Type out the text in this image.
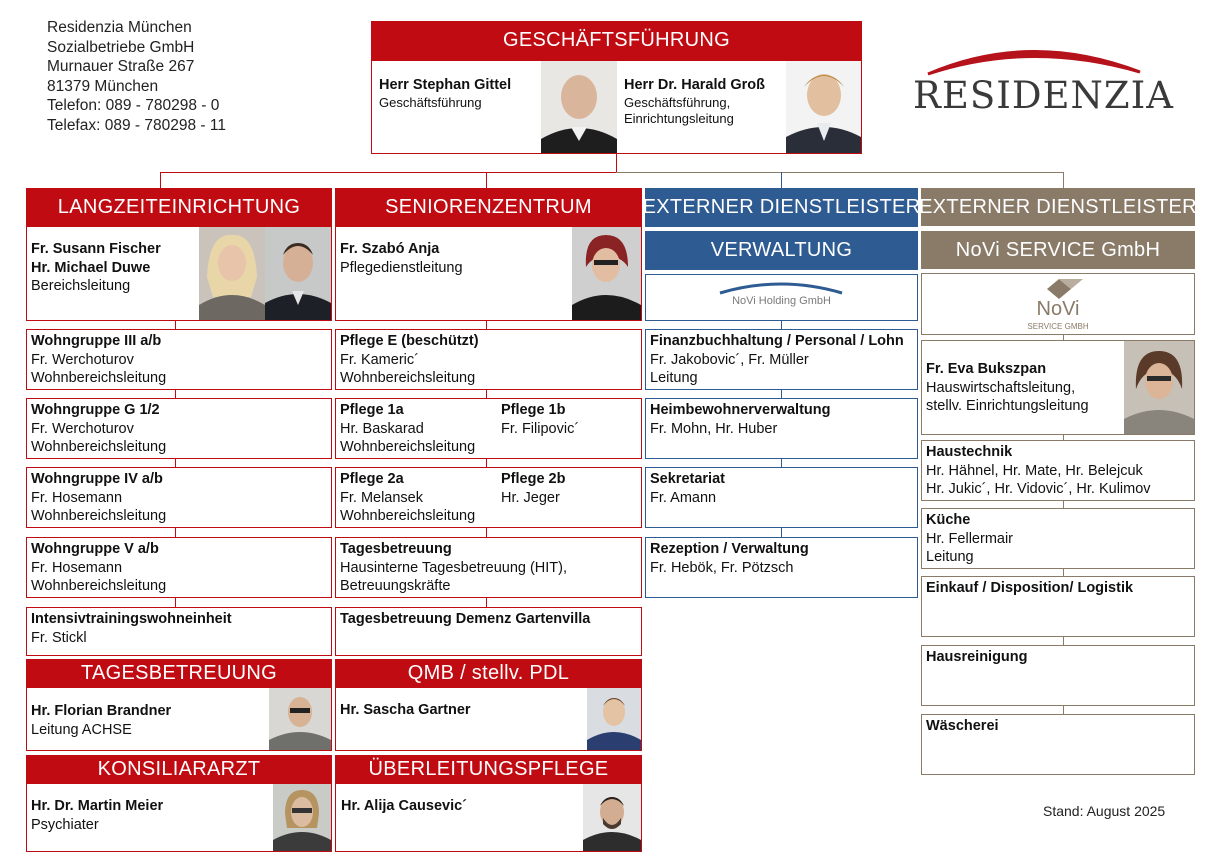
Residenzia München
Sozialbetriebe GmbH
Murnauer Straße 267
81379 München
Telefon: 089 - 780298 - 0
Telefax: 089 - 780298 - 11
RESIDENZIA
GESCHÄFTSFÜHRUNG
Herr Stephan Gittel
Geschäftsführung
Herr Dr. Harald Groß
Geschäftsführung,
Einrichtungsleitung
LANGZEITEINRICHTUNG
Fr. Susann Fischer
Hr. Michael Duwe
Bereichsleitung
Wohngruppe III a/b
Fr. Werchoturov
Wohnbereichsleitung
Wohngruppe G 1/2
Fr. Werchoturov
Wohnbereichsleitung
Wohngruppe IV a/b
Fr. Hosemann
Wohnbereichsleitung
Wohngruppe V a/b
Fr. Hosemann
Wohnbereichsleitung
Intensivtrainingswohneinheit
Fr. Stickl
TAGESBETREUUNG
Hr. Florian Brandner
Leitung ACHSE
KONSILIARARZT
Hr. Dr. Martin Meier
Psychiater
SENIORENZENTRUM
Fr. Szabó Anja
Pflegedienstleitung
Pflege E (beschützt)
Fr. Kameric´
Wohnbereichsleitung
Pflege 1a
Hr. Baskarad
Wohnbereichsleitung
Pflege 1b
Fr. Filipovic´
Pflege 2a
Fr. Melansek
Wohnbereichsleitung
Pflege 2b
Hr. Jeger
Tagesbetreuung
Hausinterne Tagesbetreuung (HIT),
Betreuungskräfte
Tagesbetreuung Demenz Gartenvilla
QMB / stellv. PDL
Hr. Sascha Gartner
ÜBERLEITUNGSPFLEGE
Hr. Alija Causevic´
EXTERNER DIENSTLEISTER
VERWALTUNG
NoVi Holding GmbH
Finanzbuchhaltung / Personal / Lohn
Fr. Jakobovic´, Fr. Müller
Leitung
Heimbewohnerverwaltung
Fr. Mohn, Hr. Huber
Sekretariat
Fr. Amann
Rezeption / Verwaltung
Fr. Hebök, Fr. Pötzsch
EXTERNER DIENSTLEISTER
NoVi SERVICE GmbH
NoVi
SERVICE GMBH
Fr. Eva Bukszpan
Hauswirtschaftsleitung,
stellv. Einrichtungsleitung
Haustechnik
Hr. Hähnel, Hr. Mate, Hr. Belejcuk
Hr. Jukic´, Hr. Vidovic´, Hr. Kulimov
Küche
Hr. Fellermair
Leitung
Einkauf / Disposition/ Logistik
Hausreinigung
Wäscherei
Stand: August 2025
